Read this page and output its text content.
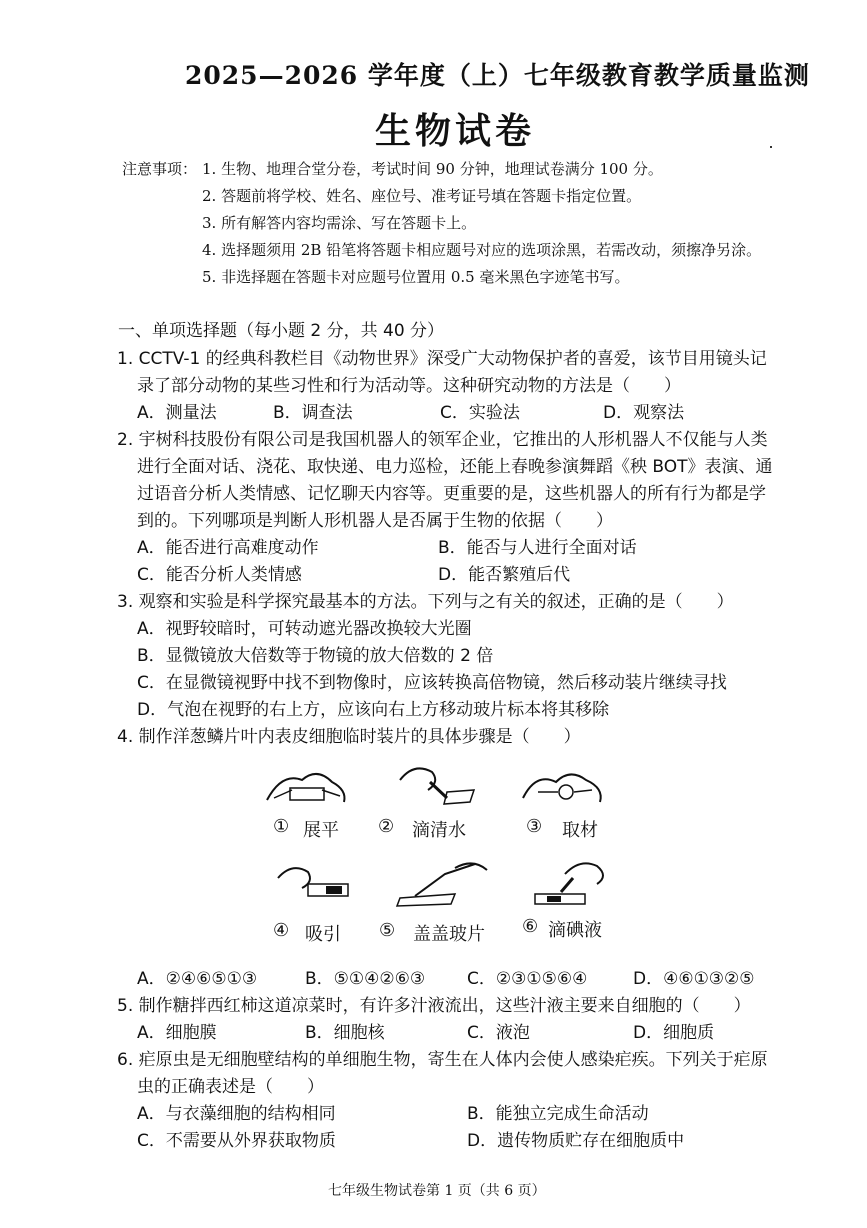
2025—2026 学年度（上）七年级教育教学质量监测
生物试卷
注意事项： 1. 生物、地理合堂分卷，考试时间 90 分钟，地理试卷满分 100 分。
2. 答题前将学校、姓名、座位号、准考证号填在答题卡指定位置。
3. 所有解答内容均需涂、写在答题卡上。
4. 选择题须用 2B 铅笔将答题卡相应题号对应的选项涂黑，若需改动，须擦净另涂。
5. 非选择题在答题卡对应题号位置用 0.5 毫米黑色字迹笔书写。
一、单项选择题（每小题 2 分，共 40 分）
1. CCTV-1 的经典科教栏目《动物世界》深受广大动物保护者的喜爱，该节目用镜头记
录了部分动物的某些习性和行为活动等。这种研究动物的方法是（　　）
A．测量法	B．调查法	C．实验法	D．观察法
2. 宇树科技股份有限公司是我国机器人的领军企业，它推出的人形机器人不仅能与人类
进行全面对话、浇花、取快递、电力巡检，还能上春晚参演舞蹈《秧 BOT》表演、通
过语音分析人类情感、记忆聊天内容等。更重要的是，这些机器人的所有行为都是学
到的。下列哪项是判断人形机器人是否属于生物的依据（　　）
A．能否进行高难度动作	B．能否与人进行全面对话
C．能否分析人类情感	D．能否繁殖后代
3. 观察和实验是科学探究最基本的方法。下列与之有关的叙述，正确的是（　　）
A．视野较暗时，可转动遮光器改换较大光圈
B．显微镜放大倍数等于物镜的放大倍数的 2 倍
C．在显微镜视野中找不到物像时，应该转换高倍物镜，然后移动装片继续寻找
D．气泡在视野的右上方，应该向右上方移动玻片标本将其移除
4. 制作洋葱鳞片叶内表皮细胞临时装片的具体步骤是（　　）
① 展平 ② 滴清水	③ 取材
④ 吸引 ⑤ 盖盖玻片 ⑥ 滴碘液
A．②④⑥⑤①③	B．⑤①④②⑥③ C．②③①⑤⑥④	D．④⑥①③②⑤
5. 制作糖拌西红柿这道凉菜时，有许多汁液流出，这些汁液主要来自细胞的（　　）
A．细胞膜	B．细胞核	C．液泡	D．细胞质
6. 疟原虫是无细胞壁结构的单细胞生物，寄生在人体内会使人感染疟疾。下列关于疟原
虫的正确表述是（　　）
A．与衣藻细胞的结构相同	B．能独立完成生命活动
C．不需要从外界获取物质	D．遗传物质贮存在细胞质中
七年级生物试卷第 1 页（共 6 页）
